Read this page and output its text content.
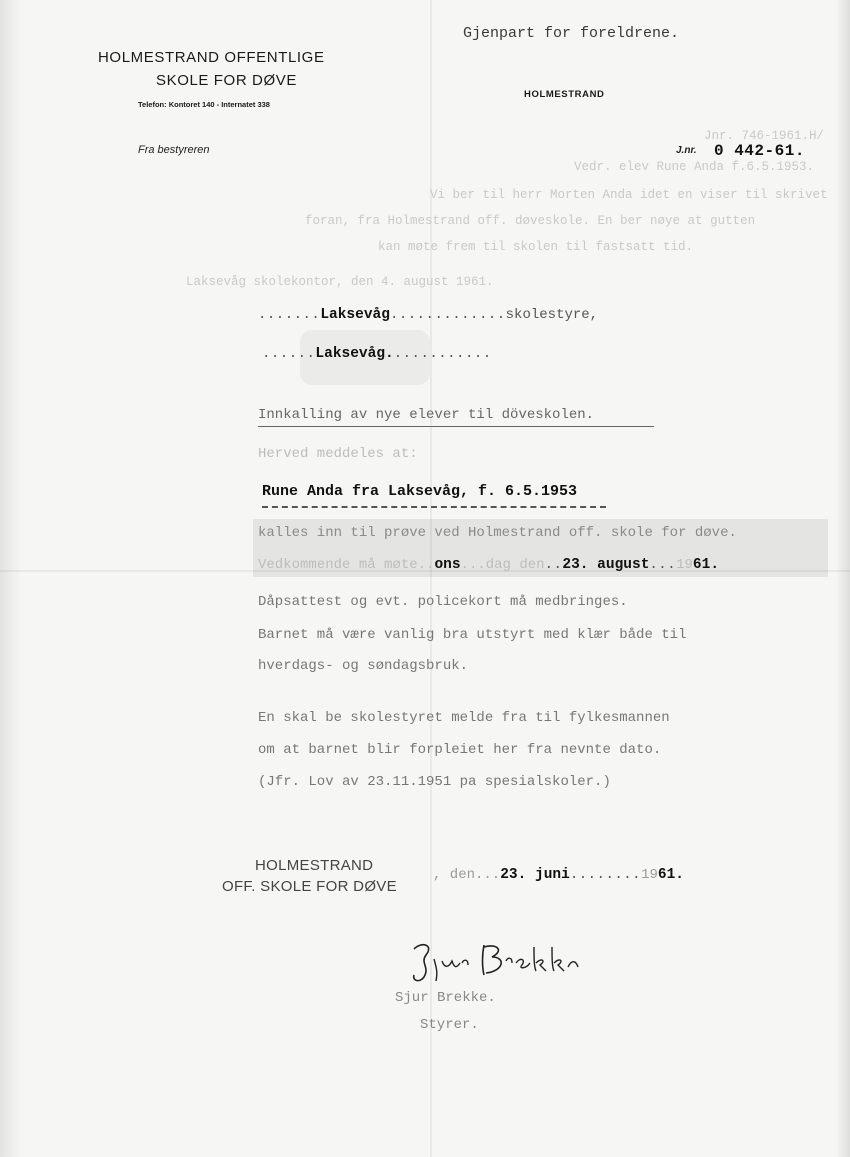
HOLMESTRAND OFFENTLIGE
SKOLE FOR DØVE
Telefon: Kontoret 140 - Internatet 338
Fra bestyreren
HOLMESTRAND
Gjenpart for foreldrene.
J.nr. 0 442-61.
Jnr. 746-1961.H/
Vedr. elev Rune Anda f.6.5.1953.
Vi ber til herr Morten Anda idet en viser til skrivet
foran, fra Holmestrand off. døveskole. En ber nøye at gutten
kan møte frem til skolen til fastsatt tid.
Laksevåg skolekontor, den 4. august 1961.
.......Laksevåg.............skolestyre,
......Laksevåg............
Innkalling av nye elever til döveskolen.
Herved meddeles at:
Rune Anda fra Laksevåg, f. 6.5.1953
kalles inn til prøve ved Holmestrand off. skole for døve.
Vedkommende må møte..ons...dag den..23. august...1961.
Dåpsattest og evt. policekort må medbringes.
Barnet må være vanlig bra utstyrt med klær både til
hverdags- og søndagsbruk.
En skal be skolestyret melde fra til fylkesmannen
om at barnet blir forpleiet her fra nevnte dato.
(Jfr. Lov av 23.11.1951 pa spesialskoler.)
HOLMESTRAND
OFF. SKOLE FOR DØVE
, den...23. juni........1961.
Sjur Brekke.
Styrer.
